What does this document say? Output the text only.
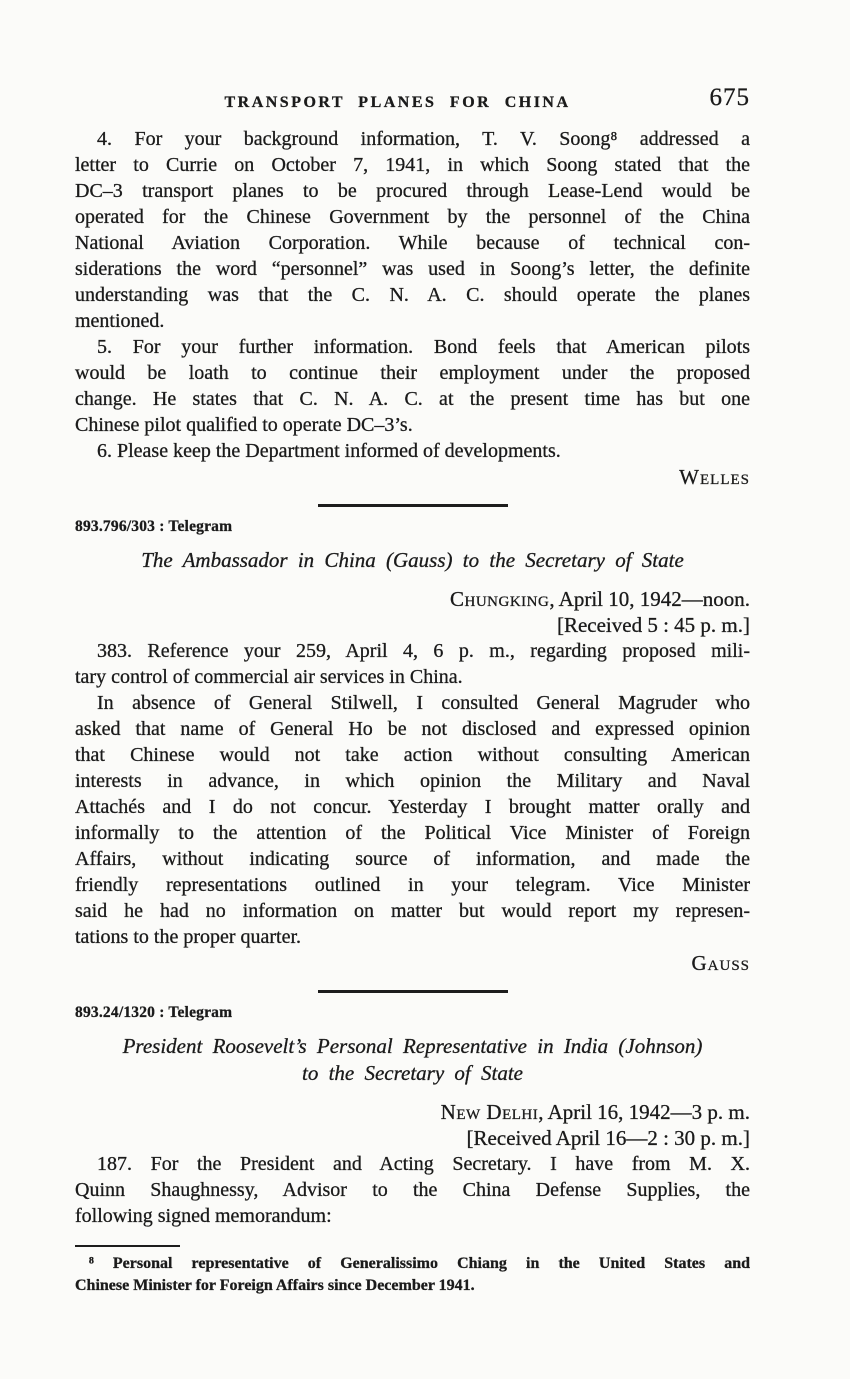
TRANSPORT PLANES FOR CHINA	675
4. For your background information, T. V. Soong⁸ addressed a
letter to Currie on October 7, 1941, in which Soong stated that the
DC–3 transport planes to be procured through Lease-Lend would be
operated for the Chinese Government by the personnel of the China
National Aviation Corporation. While because of technical con-
siderations the word “personnel” was used in Soong’s letter, the definite
understanding was that the C. N. A. C. should operate the planes
mentioned.
5. For your further information. Bond feels that American pilots
would be loath to continue their employment under the proposed
change. He states that C. N. A. C. at the present time has but one
Chinese pilot qualified to operate DC–3’s.
6. Please keep the Department informed of developments.
Welles
893.796/303 : Telegram
The Ambassador in China (Gauss) to the Secretary of State
Chungking, April 10, 1942—noon.
[Received 5 : 45 p. m.]
383. Reference your 259, April 4, 6 p. m., regarding proposed mili-
tary control of commercial air services in China.
In absence of General Stilwell, I consulted General Magruder who
asked that name of General Ho be not disclosed and expressed opinion
that Chinese would not take action without consulting American
interests in advance, in which opinion the Military and Naval
Attachés and I do not concur. Yesterday I brought matter orally and
informally to the attention of the Political Vice Minister of Foreign
Affairs, without indicating source of information, and made the
friendly representations outlined in your telegram. Vice Minister
said he had no information on matter but would report my represen-
tations to the proper quarter.
Gauss
893.24/1320 : Telegram
President Roosevelt’s Personal Representative in India (Johnson)
to the Secretary of State
New Delhi, April 16, 1942—3 p. m.
[Received April 16—2 : 30 p. m.]
187. For the President and Acting Secretary. I have from M. X.
Quinn Shaughnessy, Advisor to the China Defense Supplies, the
following signed memorandum:
⁸ Personal representative of Generalissimo Chiang in the United States and
Chinese Minister for Foreign Affairs since December 1941.
